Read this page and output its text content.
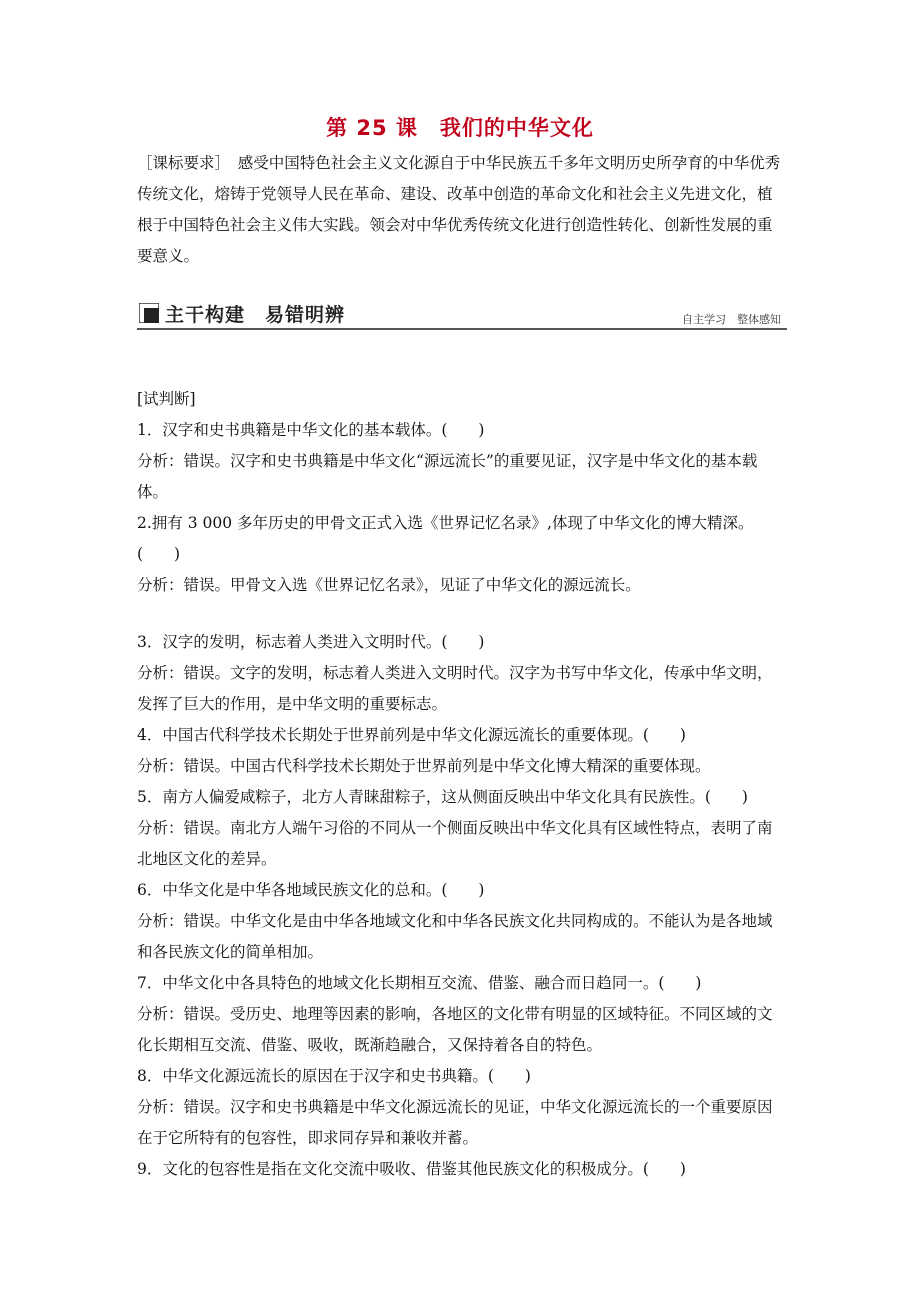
第 25 课　我们的中华文化
［课标要求］　感受中国特色社会主义文化源自于中华民族五千多年文明历史所孕育的中华优秀传统文化，熔铸于党领导人民在革命、建设、改革中创造的革命文化和社会主义先进文化，植根于中国特色社会主义伟大实践。领会对中华优秀传统文化进行创造性转化、创新性发展的重要意义。
主干构建　易错明辨	自主学习　整体感知

[试判断]

1．汉字和史书典籍是中华文化的基本载体。(　　)

分析：错误。汉字和史书典籍是中华文化“源远流长”的重要见证，汉字是中华文化的基本载体。

2.拥有 3 000 多年历史的甲骨文正式入选《世界记忆名录》,体现了中华文化的博大精深。(　　)

分析：错误。甲骨文入选《世界记忆名录》，见证了中华文化的源远流长。

3．汉字的发明，标志着人类进入文明时代。(　　)

分析：错误。文字的发明，标志着人类进入文明时代。汉字为书写中华文化，传承中华文明，发挥了巨大的作用，是中华文明的重要标志。

4．中国古代科学技术长期处于世界前列是中华文化源远流长的重要体现。(　　)

分析：错误。中国古代科学技术长期处于世界前列是中华文化博大精深的重要体现。

5．南方人偏爱咸粽子，北方人青睐甜粽子，这从侧面反映出中华文化具有民族性。(　　)

分析：错误。南北方人端午习俗的不同从一个侧面反映出中华文化具有区域性特点，表明了南北地区文化的差异。

6．中华文化是中华各地域民族文化的总和。(　　)

分析：错误。中华文化是由中华各地域文化和中华各民族文化共同构成的。不能认为是各地域和各民族文化的简单相加。

7．中华文化中各具特色的地域文化长期相互交流、借鉴、融合而日趋同一。(　　)

分析：错误。受历史、地理等因素的影响，各地区的文化带有明显的区域特征。不同区域的文化长期相互交流、借鉴、吸收，既渐趋融合，又保持着各自的特色。

8．中华文化源远流长的原因在于汉字和史书典籍。(　　)

分析：错误。汉字和史书典籍是中华文化源远流长的见证，中华文化源远流长的一个重要原因在于它所特有的包容性，即求同存异和兼收并蓄。

9．文化的包容性是指在文化交流中吸收、借鉴其他民族文化的积极成分。(　　)
